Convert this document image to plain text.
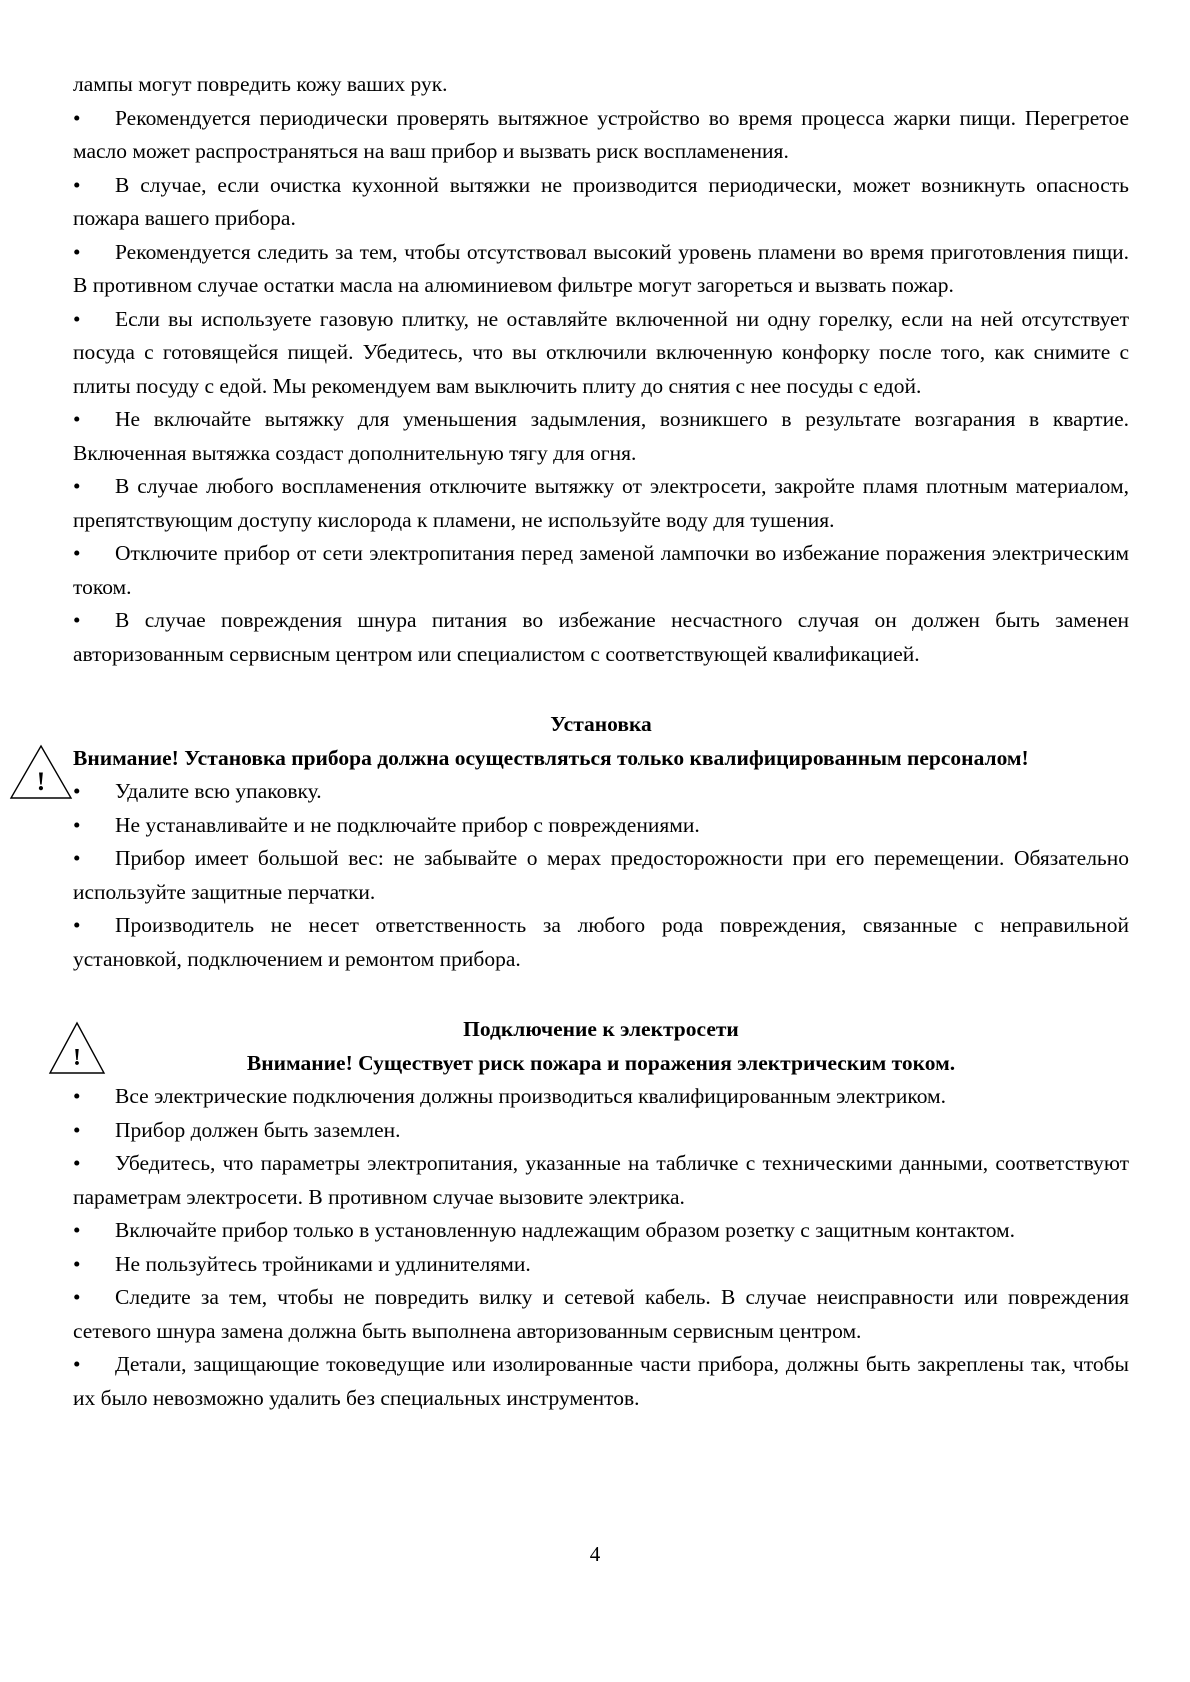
лампы могут повредить кожу ваших рук.

• Рекомендуется периодически проверять вытяжное устройство во время процесса жарки пищи. Перегретое масло может распространяться на ваш прибор и вызвать риск воспламенения.

• В случае, если очистка кухонной вытяжки не производится периодически, может возникнуть опасность пожара вашего прибора.

• Рекомендуется следить за тем, чтобы отсутствовал высокий уровень пламени во время приготовления пищи. В противном случае остатки масла на алюминиевом фильтре могут загореться и вызвать пожар.

• Если вы используете газовую плитку, не оставляйте включенной ни одну горелку, если на ней отсутствует посуда с готовящейся пищей. Убедитесь, что вы отключили включенную конфорку после того, как снимите с плиты посуду с едой. Мы рекомендуем вам выключить плиту до снятия с нее посуды с едой.

• Не включайте вытяжку для уменьшения задымления, возникшего в результате возгарания в квартие. Включенная вытяжка создаст дополнительную тягу для огня.

• В случае любого воспламенения отключите вытяжку от электросети, закройте пламя плотным материалом, препятствующим доступу кислорода к пламени, не используйте воду для тушения.

• Отключите прибор от сети электропитания перед заменой лампочки во избежание поражения электрическим током.

• В случае повреждения шнура питания во избежание несчастного случая он должен быть заменен авторизованным сервисным центром или специалистом с соответствующей квалификацией.

Установка

!

Внимание! Установка прибора должна осуществляться только квалифицированным персоналом!

• Удалите всю упаковку.

• Не устанавливайте и не подключайте прибор с повреждениями.

• Прибор имеет большой вес: не забывайте о мерах предосторожности при его перемещении. Обязательно используйте защитные перчатки.

• Производитель не несет ответственность за любого рода повреждения, связанные с неправильной установкой, подключением и ремонтом прибора.

!

Подключение к электросети

Внимание! Существует риск пожара и поражения электрическим током.

• Все электрические подключения должны производиться квалифицированным электриком.

• Прибор должен быть заземлен.

• Убедитесь, что параметры электропитания, указанные на табличке с техническими данными, соответствуют параметрам электросети. В противном случае вызовите электрика.

• Включайте прибор только в установленную надлежащим образом розетку с защитным контактом.

• Не пользуйтесь тройниками и удлинителями.

• Следите за тем, чтобы не повредить вилку и сетевой кабель. В случае неисправности или повреждения сетевого шнура замена должна быть выполнена авторизованным сервисным центром.

• Детали, защищающие токоведущие или изолированные части прибора, должны быть закреплены так, чтобы их было невозможно удалить без специальных инструментов.

4
